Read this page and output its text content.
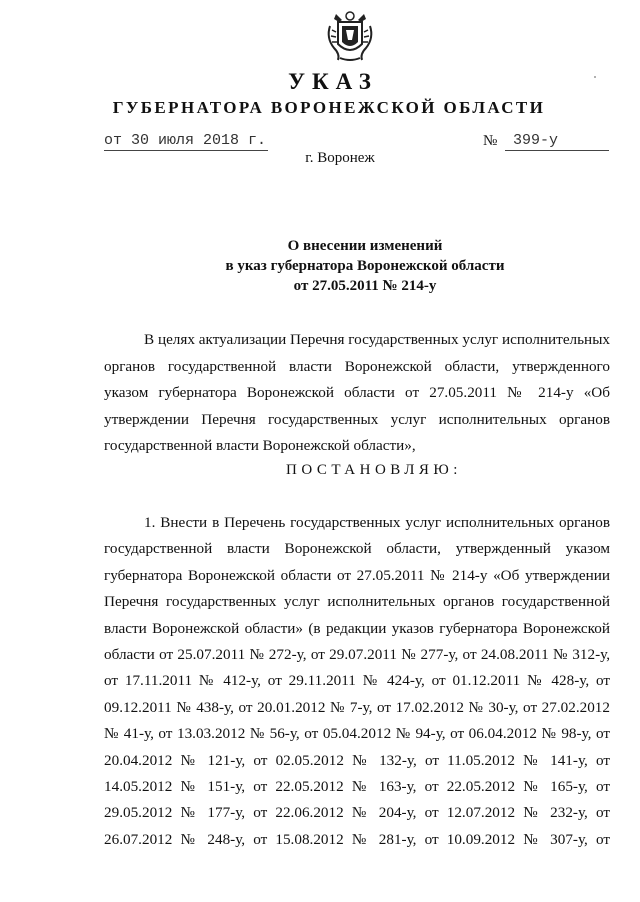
УКАЗ
ГУБЕРНАТОРА ВОРОНЕЖСКОЙ ОБЛАСТИ
от 30 июля 2018 г.	№	399-у
г. Воронеж
О внесении изменений
в указ губернатора Воронежской области
от 27.05.2011 № 214-у
В целях актуализации Перечня государственных услуг исполнительных
органов государственной власти Воронежской области, утвержденного
указом губернатора Воронежской области от 27.05.2011 № 214-у «Об
утверждении Перечня государственных услуг исполнительных органов
государственной власти Воронежской области»,
ПОСТАНОВЛЯЮ:
1. Внести в Перечень государственных услуг исполнительных органов
государственной власти Воронежской области, утвержденный указом
губернатора Воронежской области от 27.05.2011 № 214-у «Об утверждении
Перечня государственных услуг исполнительных органов государственной
власти Воронежской области» (в редакции указов губернатора Воронежской
области от 25.07.2011 № 272-у, от 29.07.2011 № 277-у, от 24.08.2011 № 312-у,
от 17.11.2011 № 412-у, от 29.11.2011 № 424-у, от 01.12.2011 № 428-у, от
09.12.2011 № 438-у, от 20.01.2012 № 7-у, от 17.02.2012 № 30-у, от 27.02.2012
№ 41-у, от 13.03.2012 № 56-у, от 05.04.2012 № 94-у, от 06.04.2012 № 98-у, от
20.04.2012 № 121-у, от 02.05.2012 № 132-у, от 11.05.2012 № 141-у, от
14.05.2012 № 151-у, от 22.05.2012 № 163-у, от 22.05.2012 № 165-у, от
29.05.2012 № 177-у, от 22.06.2012 № 204-у, от 12.07.2012 № 232-у, от
26.07.2012 № 248-у, от 15.08.2012 № 281-у, от 10.09.2012 № 307-у, от
